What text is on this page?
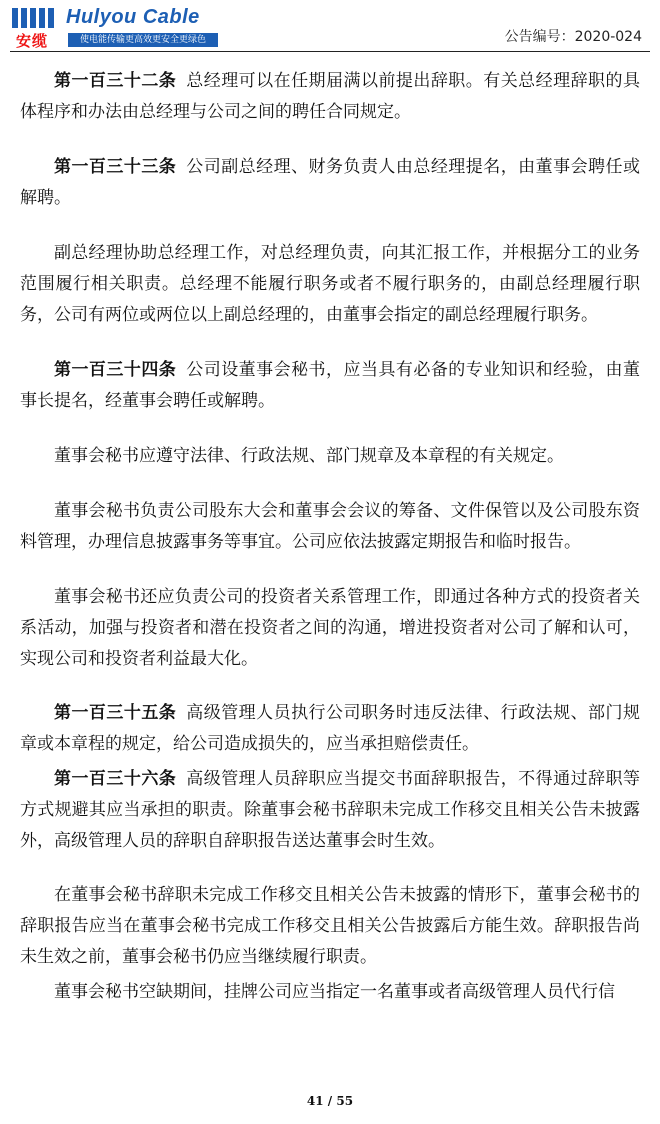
安缆
Hulyou Cable
使电能传输更高效更安全更绿色	公告编号：2020-024

第一百三十二条 总经理可以在任期届满以前提出辞职。有关总经理辞职的具体程序和办法由总经理与公司之间的聘任合同规定。

第一百三十三条 公司副总经理、财务负责人由总经理提名，由董事会聘任或解聘。

副总经理协助总经理工作，对总经理负责，向其汇报工作，并根据分工的业务范围履行相关职责。总经理不能履行职务或者不履行职务的，由副总经理履行职务，公司有两位或两位以上副总经理的，由董事会指定的副总经理履行职务。

第一百三十四条 公司设董事会秘书，应当具有必备的专业知识和经验，由董事长提名，经董事会聘任或解聘。

董事会秘书应遵守法律、行政法规、部门规章及本章程的有关规定。

董事会秘书负责公司股东大会和董事会会议的筹备、文件保管以及公司股东资料管理，办理信息披露事务等事宜。公司应依法披露定期报告和临时报告。

董事会秘书还应负责公司的投资者关系管理工作，即通过各种方式的投资者关系活动，加强与投资者和潜在投资者之间的沟通，增进投资者对公司了解和认可，实现公司和投资者利益最大化。

第一百三十五条 高级管理人员执行公司职务时违反法律、行政法规、部门规章或本章程的规定，给公司造成损失的，应当承担赔偿责任。

第一百三十六条 高级管理人员辞职应当提交书面辞职报告，不得通过辞职等方式规避其应当承担的职责。除董事会秘书辞职未完成工作移交且相关公告未披露外，高级管理人员的辞职自辞职报告送达董事会时生效。

在董事会秘书辞职未完成工作移交且相关公告未披露的情形下，董事会秘书的辞职报告应当在董事会秘书完成工作移交且相关公告披露后方能生效。辞职报告尚未生效之前，董事会秘书仍应当继续履行职责。

董事会秘书空缺期间，挂牌公司应当指定一名董事或者高级管理人员代行信

41 / 55
